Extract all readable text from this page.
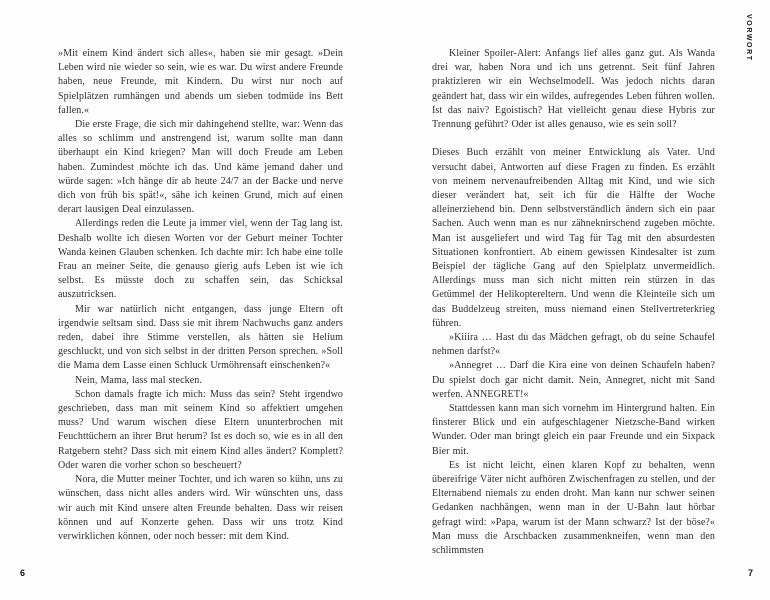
»Mit einem Kind ändert sich alles«, haben sie mir gesagt. »Dein Leben wird nie wieder so sein, wie es war. Du wirst andere Freunde haben, neue Freunde, mit Kindern. Du wirst nur noch auf Spielplätzen rumhängen und abends um sieben todmüde ins Bett fallen.«

Die erste Frage, die sich mir dahingehend stellte, war: Wenn das alles so schlimm und anstrengend ist, warum sollte man dann überhaupt ein Kind kriegen? Man will doch Freude am Leben haben. Zumindest möchte ich das. Und käme jemand daher und würde sagen: »Ich hänge dir ab heute 24/7 an der Backe und nerve dich von früh bis spät!«, sähe ich keinen Grund, mich auf einen derart lausigen Deal einzulassen.

Allerdings reden die Leute ja immer viel, wenn der Tag lang ist. Deshalb wollte ich diesen Worten vor der Geburt meiner Tochter Wanda keinen Glauben schenken. Ich dachte mir: Ich habe eine tolle Frau an meiner Seite, die genauso gierig aufs Leben ist wie ich selbst. Es müsste doch zu schaffen sein, das Schicksal auszutricksen.

Mir war natürlich nicht entgangen, dass junge Eltern oft irgendwie seltsam sind. Dass sie mit ihrem Nachwuchs ganz anders reden, dabei ihre Stimme verstellen, als hätten sie Helium geschluckt, und von sich selbst in der dritten Person sprechen. »Soll die Mama dem Lasse einen Schluck Urmöhrensaft einschenken?«

Nein, Mama, lass mal stecken.

Schon damals fragte ich mich: Muss das sein? Steht irgendwo geschrieben, dass man mit seinem Kind so affektiert umgehen muss? Und warum wischen diese Eltern ununterbrochen mit Feuchttüchern an ihrer Brut herum? Ist es doch so, wie es in all den Ratgebern steht? Dass sich mit einem Kind alles ändert? Komplett? Oder waren die vorher schon so bescheuert?

Nora, die Mutter meiner Tochter, und ich waren so kühn, uns zu wünschen, dass nicht alles anders wird. Wir wünschten uns, dass wir auch mit Kind unsere alten Freunde behalten. Dass wir reisen können und auf Konzerte gehen. Dass wir uns trotz Kind verwirklichen können, oder noch besser: mit dem Kind.

Kleiner Spoiler-Alert: Anfangs lief alles ganz gut. Als Wanda drei war, haben Nora und ich uns getrennt. Seit fünf Jahren praktizieren wir ein Wechselmodell. Was jedoch nichts daran geändert hat, dass wir ein wildes, aufregendes Leben führen wollen. Ist das naiv? Egoistisch? Hat vielleicht genau diese Hybris zur Trennung geführt? Oder ist alles genauso, wie es sein soll?

Dieses Buch erzählt von meiner Entwicklung als Vater. Und versucht dabei, Antworten auf diese Fragen zu finden. Es erzählt von meinem nervenaufreibenden Alltag mit Kind, und wie sich dieser verändert hat, seit ich für die Hälfte der Woche alleinerziehend bin. Denn selbstverständlich ändern sich ein paar Sachen. Auch wenn man es nur zähneknirschend zugeben möchte. Man ist ausgeliefert und wird Tag für Tag mit den absurdesten Situationen konfrontiert. Ab einem gewissen Kindesalter ist zum Beispiel der tägliche Gang auf den Spielplatz unvermeidlich. Allerdings muss man sich nicht mitten rein stürzen in das Getümmel der Helikoptereltern. Und wenn die Kleinteile sich um das Buddelzeug streiten, muss niemand einen Stellvertreterkrieg führen.

»Kiiira … Hast du das Mädchen gefragt, ob du seine Schaufel nehmen darfst?«

»Annegret … Darf die Kira eine von deinen Schaufeln haben? Du spielst doch gar nicht damit. Nein, Annegret, nicht mit Sand werfen. ANNEGRET!«

Stattdessen kann man sich vornehm im Hintergrund halten. Ein finsterer Blick und ein aufgeschlagener Nietzsche-Band wirken Wunder. Oder man bringt gleich ein paar Freunde und ein Sixpack Bier mit.

Es ist nicht leicht, einen klaren Kopf zu behalten, wenn übereifrige Väter nicht aufhören Zwischenfragen zu stellen, und der Elternabend niemals zu enden droht. Man kann nur schwer seinen Gedanken nachhängen, wenn man in der U-Bahn laut hörbar gefragt wird: »Papa, warum ist der Mann schwarz? Ist der böse?« Man muss die Arschbacken zusammenkneifen, wenn man den schlimmsten

VORWORT
6	7
